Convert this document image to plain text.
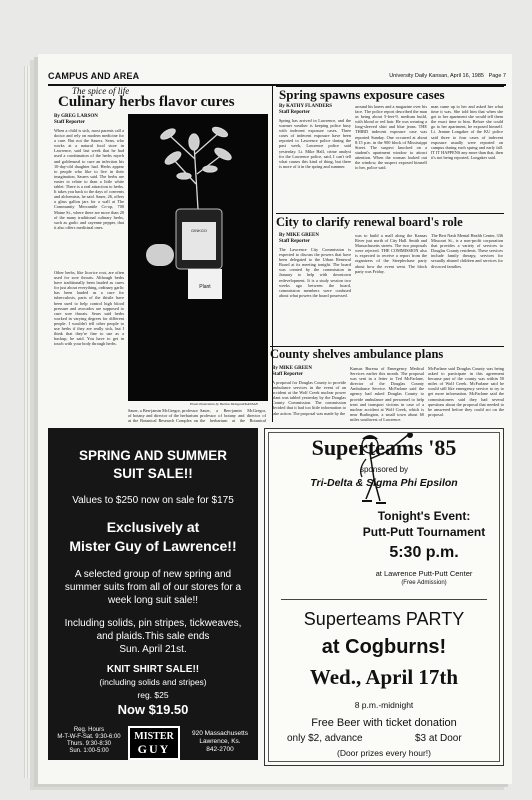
CAMPUS AND AREA	University Daily Kansan, April 16, 1985 Page 7
The spice of life
Culinary herbs flavor cures
By GREG LARSON
Staff Reporter
When a child is sick, most parents call a doctor and rely on modern medicine for a cure. But not the Sauers. Sean, who works at a natural food store in Lawrence, said last week that he had used a combination of the herbs myrrh and goldenseal to cure an infection his 10-day-old daughter had. Herbs appear to people who like to live in their imagination, Sauers said. The herbs are easier to relate to than a little white tablet. There is a real attraction to herbs. It takes you back to the days of convents and alchemists, he said. Sauer, 26, offers a glass gallon jars for a wall at The Community Mercantile Co-op, 700 Maine St., where there are more than 20 of the many traditional culinary herbs, such as garlic and cayenne pepper, that it also offers medicinal ones.
Other herbs, like licorice root, are often used for sore throats. Although herbs have traditionally been lauded as cures for just about everything, ordinary garlic has been lauded as a cure for tuberculosis, parts of the thistle have been used to help control high blood pressure and avocados are supposed to cure sore throats. Sears said herbs worked in varying degrees for different people. I wouldn't tell other people to use herbs if they are really sick, but I think that they're fine to use as a backup, he said. You have to get in touch with your body through herbs.
Sauer, a Ben-jamin McGregor, professor of botany and director of the herbarium at the Botanical Research Complex on
Sauer, a Ben-jamin McGregor, professor of botany and director of the herbarium at the Botanical
GINKGO
Plant
Photo illustration by Bartha Weingard/KANSAN
Spring spawns exposure cases
By KATHY FLANDERS
Staff Reporter
Spring has arrived in Lawrence, and the warmer weather is keeping police busy with indecent exposure cases. Three cases of indecent exposure have been reported to Lawrence police during the past week, Lawrence police said yesterday. Lt. Mike Hall, crime analyst for the Lawrence police, said, I can't tell what causes this kind of thing, but there is more of it in the spring and summer.
around his knees and a magazine over his face. The police report described the man as being about 5-feet-9, medium build, with blond or red hair. He was wearing a long-sleeved shirt and blue jeans. THE THIRD indecent exposure case was reported Sunday. One occurred at about 8:15 p.m. in the 900 block of Mississippi Street. The suspect knocked on a student's apartment window to attract attention. When the woman looked out the window, the suspect exposed himself to her, police said.
man came up to her and asked her what time it was. She told him that when she got to her apartment she would tell them the exact time to him. Before she could go to her apartment, he exposed himself. Lt. Jeanne Longaker of the KU police said three to four cases of indecent exposure usually were reported on campus during each spring and early fall. IT IT HAPPENS any more than that, then it's not being reported, Longaker said.
City to clarify renewal board's role
By MIKE GREEN
Staff Reporter
The Lawrence City Commission is expected to discuss the powers that have been delegated to the Urban Renewal Board at its meeting tonight. The board was created by the commission in January to help with downtown redevelopment. It is a study session two weeks ago between the board, commission members were confused about what powers the board possessed.
was to build a mall along the Kansas River just north of City Hall. Smith and Massachusetts streets. The two proposals were rejected. THE COMMISSION also is expected to receive a report from the organizers of the Steeplechase party about how the event went. The block party was Friday.
The Bert Nash Mental Health Center, 336 Missouri St., is a non-profit corporation that provides a variety of services to Douglas County residents. These services include family therapy, services for sexually abused children and services for divorced families.
County shelves ambulance plans
By MIKE GREEN
Staff Reporter
A proposal for Douglas County to provide ambulance services in the event of an accident at the Wolf Creek nuclear power plant was tabled yesterday by the Douglas County Commission. The commission decided that it had too little information to take action. The proposal was made by the
Kansas Bureau of Emergency Medical Services earlier this month. The proposal was sent in a letter to Ted McFarlane, director of the Douglas County Ambulance Service. McFarlane said the agency had asked Douglas County to provide ambulance and personnel to help treat and transport victims in case of a nuclear accident at Wolf Creek, which is near Burlington, a small town about 60 miles southwest of Lawrence.
McFarlane said Douglas County was being asked to participate in this agreement because part of the county was within 50 miles of Wolf Creek. McFarlane said he would still like emergency service to try to get more information. McFarlane said the commissioners said they had several questions about the proposal that needed to be answered before they could act on the proposal.
SPRING AND SUMMER
SUIT SALE!!
Values to $250 now on sale for $175
Exclusively at
Mister Guy of Lawrence!!
A selected group of new spring and
summer suits from all of our stores for a
week long suit sale!!
Including solids, pin stripes, tickweaves,
and plaids.This sale ends
Sun. April 21st.
KNIT SHIRT SALE!!
(including solids and stripes)
reg. $25
Now $19.50
Reg. Hours
M-T-W-F-Sat. 9:30-6:00
Thurs. 9:30-8:30
Sun. 1:00-5:00
MISTER
GUY
920 Massachusetts
Lawrence, Ks.
842-2700
Superteams '85
sponsored by
Tri-Delta & Sigma Phi Epsilon
Tonight's Event:
Putt-Putt Tournament
5:30 p.m.
at Lawrence Putt-Putt Center
(Free Admission)
Superteams PARTY
at Cogburns!
Wed., April 17th
8 p.m.-midnight
Free Beer with ticket donation
only $2, advance	$3 at Door
(Door prizes every hour!)
